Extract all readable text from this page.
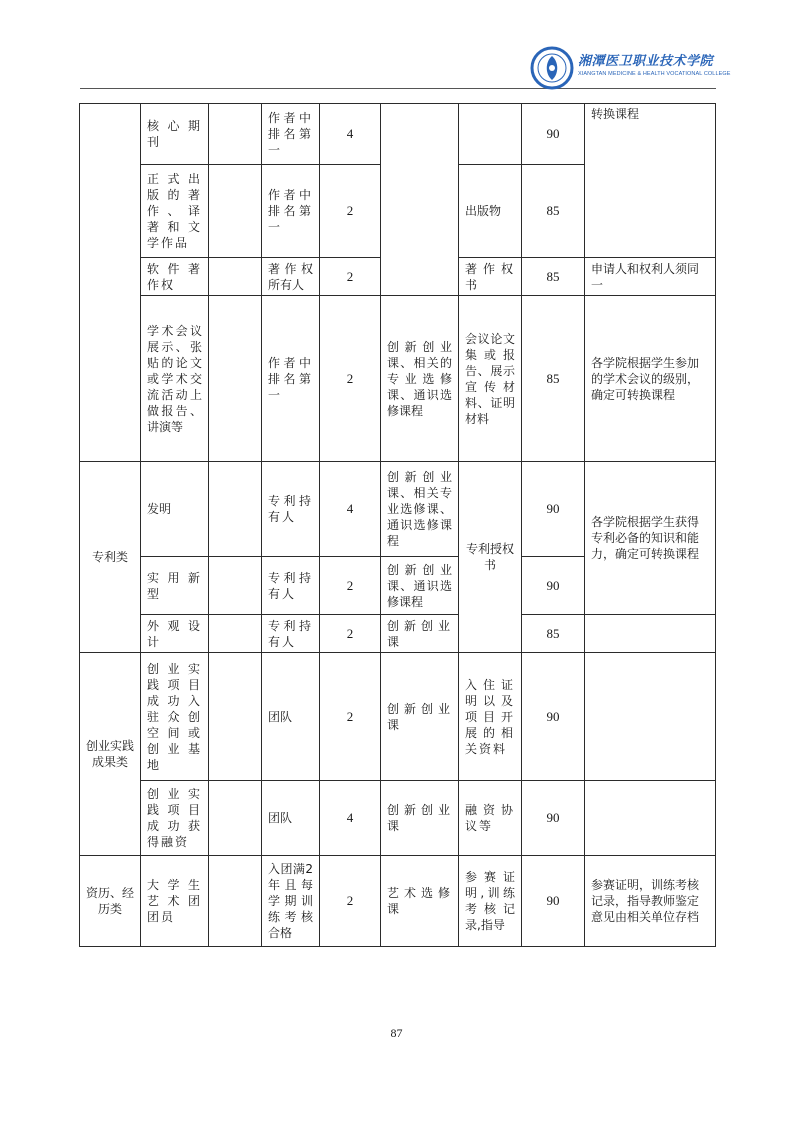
湘潭医卫职业技术学院
XIANGTAN MEDICINE & HEALTH VOCATIONAL COLLEGE
	核心期刊		作者中排名第一	4			90	转换课程
	正式出版的著作、译著和文学作品		作者中排名第一	2		出版物	85	
	软件著作权		著作权所有人	2		著作权书	85	申请人和权利人须同一
	学术会议展示、张贴的论文或学术交流活动上做报告、讲演等		作者中排名第一	2	创新创业课、相关的专业选修课、通识选修课程	会议论文集或报告、展示宣传材料、证明材料	85	各学院根据学生参加的学术会议的级别，确定可转换课程
专利类	发明		专利持有人	4	创新创业课、相关专业选修课、通识选修课程	专利授权书	90	各学院根据学生获得专利必备的知识和能力，确定可转换课程
	实用新型		专利持有人	2	创新创业课、通识选修课程		90	
	外观设计		专利持有人	2	创新创业课		85	
创业实践成果类	创业实践项目成功入驻众创空间或创业基地		团队	2	创新创业课	入住证明以及项目开展的相关资料	90	
	创业实践项目成功获得融资		团队	4	创新创业课	融资协议等	90	
资历、经历类	大学生艺术团团员		入团满2年且每学期训练考核合格	2	艺术选修课	参赛证明,训练考核记录,指导	90	参赛证明，训练考核记录，指导教师鉴定意见由相关单位存档
87
